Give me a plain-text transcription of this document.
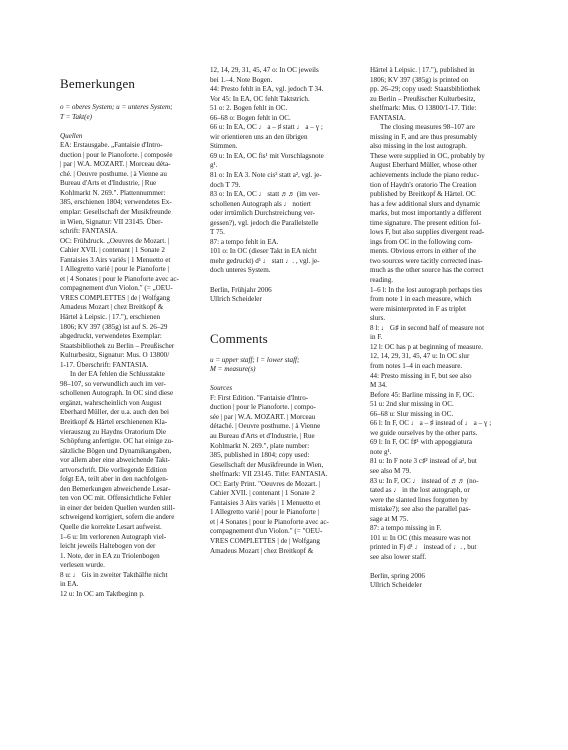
Bemerkungen
o = oberes System; u = unteres System;
T = Takt(e)
Quellen
EA: Erstausgabe. „Fantaisie d'Intro-
duction | pour le Pianoforte. | composée
| par | W.A. MOZART. | Morceau déta-
ché. | Oeuvre posthume. | à Vienne au
Bureau d'Arts et d'Industrie, | Rue
Kohlmarkt N. 269.". Plattennummer:
385, erschienen 1804; verwendetes Ex-
emplar: Gesellschaft der Musikfreunde
in Wien, Signatur: VII 23145. Über-
schrift: FANTASIA.
OC: Frühdruck. „Oeuvres de Mozart. |
Cahier XVII. | contenant | 1 Sonate 2
Fantaisies 3 Airs variés | 1 Menuetto et
1 Allegretto varié | pour le Pianoforte |
et | 4 Sonates | pour le Pianoforte avec ac-
compagnement d'un Violon." (= „OEU-
VRES COMPLETTES | de | Wolfgang
Amadeus Mozart | chez Breitkopf &
Härtel à Leipsic. | 17."), erschienen
1806; KV 397 (385g) ist auf S. 26–29
abgedruckt, verwendetes Exemplar:
Staatsbibliothek zu Berlin – Preußischer
Kulturbesitz, Signatur: Mus. O 13800/
1-17. Überschrift: FANTASIA.
In der EA fehlen die Schlusstakte
98–107, so verwundlich auch im ver-
schollenen Autograph. In OC sind diese
ergänzt, wahrscheinlich von August
Eberhard Müller, der u.a. auch den bei
Breitkopf & Härtel erschienenen Kla-
vierauszug zu Haydns Oratorium Die
Schöpfung anfertigte. OC hat einige zu-
sätzliche Bögen und Dynamikangaben,
vor allem aber eine abweichende Takt-
artvorschrift. Die vorliegende Edition
folgt EA, teilt aber in den nachfolgen-
den Bemerkungen abweichende Lesar-
ten von OC mit. Offensichtliche Fehler
in einer der beiden Quellen wurden still-
schweigend korrigiert, sofern die andere
Quelle die korrekte Lesart aufweist.
1–6 u: Im verlorenen Autograph viel-
leicht jeweils Haltebogen von der
1. Note, der in EA zu Triolenbogen
verlesen wurde.
8 u: ♩ Gis in zweiter Takthälfte nicht
in EA.
12 u: In OC am Taktbeginn p.
12, 14, 29, 31, 45, 47 o: In OC jeweils
bei 1.–4. Note Bogen.
44: Presto fehlt in EA, vgl. jedoch T 34.
Vor 45: In EA, OC fehlt Taktstrich.
51 o: 2. Bogen fehlt in OC.
66–68 o: Bogen fehlt in OC.
66 u: In EA, OC ♩ a – ♯ statt ♩ a – ɣ ;
wir orientieren uns an den übrigen
Stimmen.
69 u: In EA, OC fis¹ mit Vorschlagsnote
g¹.
81 o: In EA 3. Note cis² statt a², vgl. je-
doch T 79.
83 o: In EA, OC ♩ statt ♬♬ (im ver-
schollenen Autograph als ♩ notiert
oder irrtümlich Durchstreichung ver-
gessen?), vgl. jedoch die Parallelstelle
T 75.
87: a tempo fehlt in EA.
101 o: In OC (dieser Takt in EA nicht
mehr gedruckt) d¹ ♩ statt ♩. , vgl. je-
doch unteres System.
Berlin, Frühjahr 2006
Ullrich Scheideler
Comments
u = upper staff; l = lower staff;
M = measure(s)
Sources
F: First Edition. "Fantaisie d'Intro-
duction | pour le Pianoforte. | compo-
sée | par | W.A. MOZART. | Morceau
détaché. | Oeuvre posthume. | à Vienne
au Bureau d'Arts et d'Industrie, | Rue
Kohlmarkt N. 269.", plate number:
385, published in 1804; copy used:
Gesellschaft der Musikfreunde in Wien,
shelfmark: VII 23145. Title: FANTASIA.
OC: Early Print. "Oeuvres de Mozart. |
Cahier XVII. | contenant | 1 Sonate 2
Fantaisies 3 Airs variés | 1 Menuetto et
1 Allegretto varié | pour le Pianoforte |
et | 4 Sonates | pour le Pianoforte avec ac-
compagnement d'un Violon." (= "OEU-
VRES COMPLETTES | de | Wolfgang
Amadeus Mozart | chez Breitkopf &
Härtel à Leipsic. | 17."), published in
1806; KV 397 (385g) is printed on
pp. 26–29; copy used: Staatsbibliothek
zu Berlin – Preußischer Kulturbesitz,
shelfmark: Mus. O 13800/1-17. Title:
FANTASIA.
The closing measures 98–107 are
missing in F, and are thus presumably
also missing in the lost autograph.
These were supplied in OC, probably by
August Eberhard Müller, whose other
achievements include the piano reduc-
tion of Haydn's oratorio The Creation
published by Breitkopf & Härtel. OC
has a few additional slurs and dynamic
marks, but most importantly a different
time signature. The present edition fol-
lows F, but also supplies divergent read-
ings from OC in the following com-
ments. Obvious errors in either of the
two sources were tacitly corrected inas-
much as the other source has the correct
reading.
1–6 l: In the lost autograph perhaps ties
from note 1 in each measure, which
were misinterpreted in F as triplet
slurs.
8 l: ♩ G♯ in second half of measure not
in F.
12 l: OC has p at beginning of measure.
12, 14, 29, 31, 45, 47 u: In OC slur
from notes 1–4 in each measure.
44: Presto missing in F, but see also
M 34.
Before 45: Barline missing in F, OC.
51 u: 2nd slur missing in OC.
66–68 u: Slur missing in OC.
66 l: In F, OC ♩ a – ♯ instead of ♩ a – ɣ ;
we guide ourselves by the other parts.
69 l: In F, OC f♯¹ with appoggiatura
note g¹.
81 u: In F note 3 c♯² instead of a², but
see also M 79.
83 u: In F, OC ♩ instead of ♬♬ (no-
tated as ♩ in the lost autograph, or
were the slanted lines forgotten by
mistake?); see also the parallel pas-
sage at M 75.
87: a tempo missing in F.
101 u: In OC (this measure was not
printed in F) d¹ ♩ instead of ♩. , but
see also lower staff.
Berlin, spring 2006
Ullrich Scheideler
